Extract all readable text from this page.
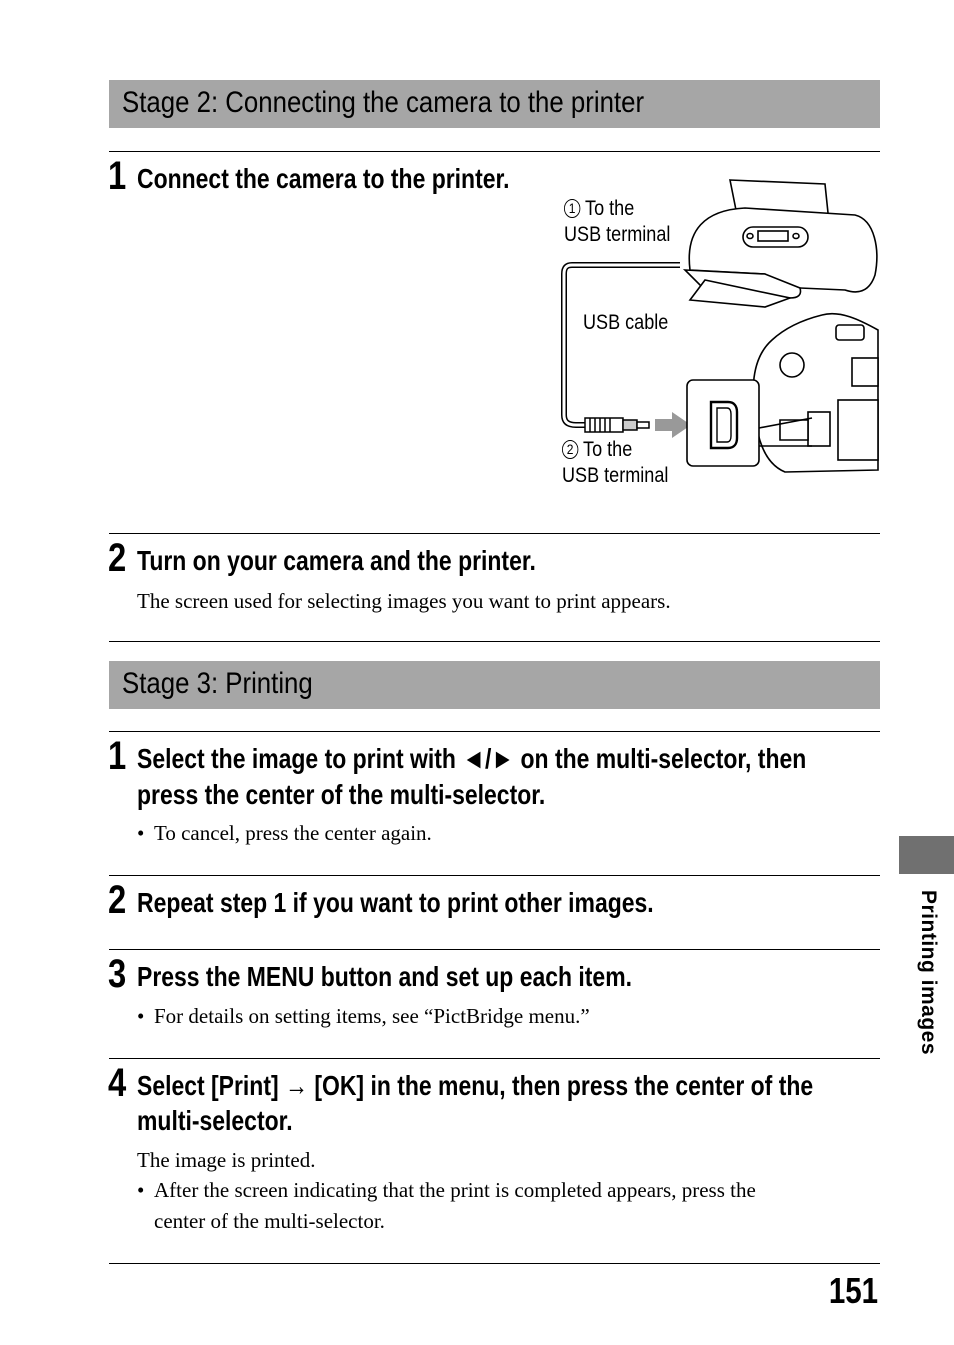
Stage 2: Connecting the camera to the printer
1 Connect the camera to the printer.
1 To the
USB terminal
USB cable
2 To the
USB terminal
2 Turn on your camera and the printer.
The screen used for selecting images you want to print appears.
Stage 3: Printing
1 Select the image to print with ◄/► on the multi-selector, then
press the center of the multi-selector.
• To cancel, press the center again.
2 Repeat step 1 if you want to print other images.
3 Press the MENU button and set up each item.
• For details on setting items, see “PictBridge menu.”
4 Select [Print] → [OK] in the menu, then press the center of the
multi-selector.
The image is printed.
• After the screen indicating that the print is completed appears, press the
center of the multi-selector.
Printing images
151
